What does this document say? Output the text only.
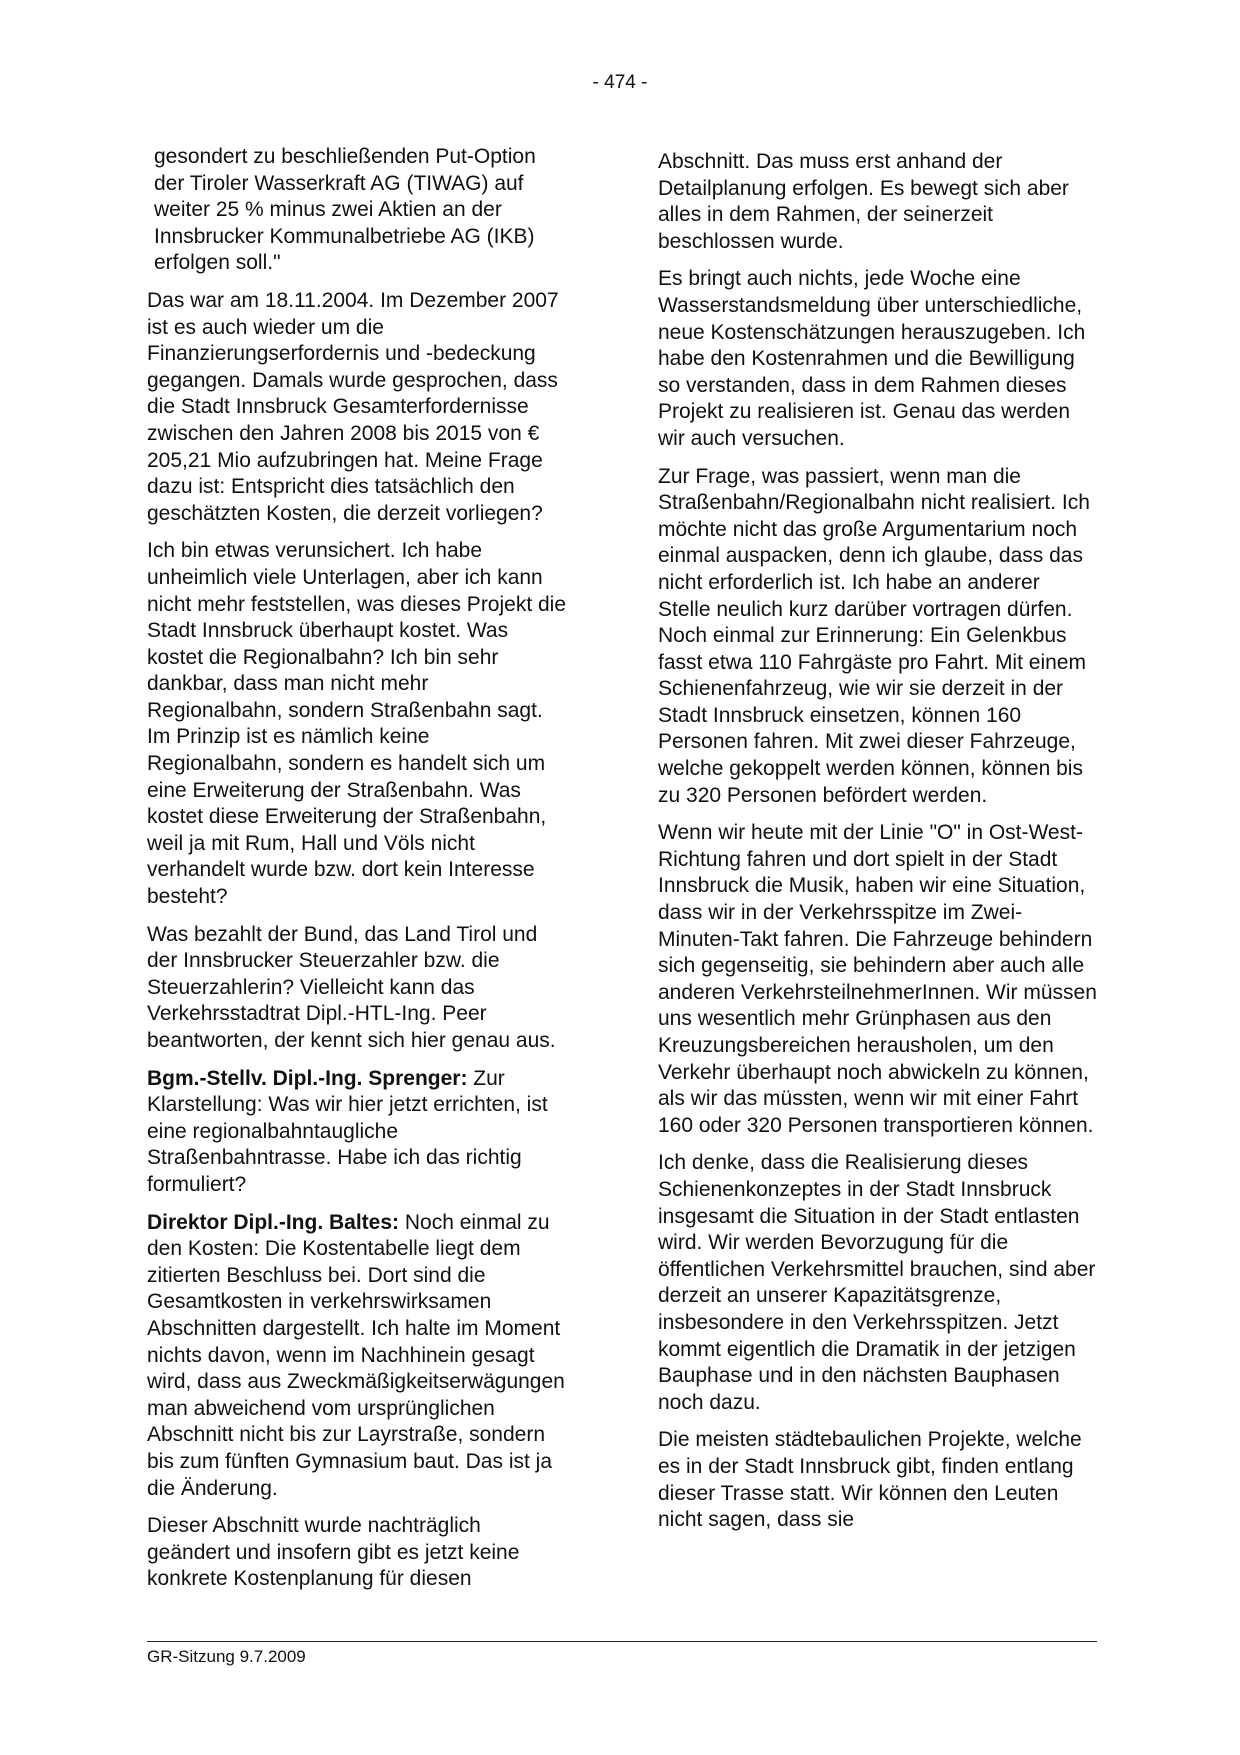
- 474 -

gesondert zu beschließenden Put-Option der Tiroler Wasserkraft AG (TIWAG) auf weiter 25 % minus zwei Aktien an der Innsbrucker Kommunalbetriebe AG (IKB) erfolgen soll."

Das war am 18.11.2004. Im Dezember 2007 ist es auch wieder um die Finanzierungserfordernis und -bedeckung gegangen. Damals wurde gesprochen, dass die Stadt Innsbruck Gesamterfordernisse zwischen den Jahren 2008 bis 2015 von € 205,21 Mio aufzubringen hat. Meine Frage dazu ist: Entspricht dies tatsächlich den geschätzten Kosten, die derzeit vorliegen?

Ich bin etwas verunsichert. Ich habe unheimlich viele Unterlagen, aber ich kann nicht mehr feststellen, was dieses Projekt die Stadt Innsbruck überhaupt kostet. Was kostet die Regionalbahn? Ich bin sehr dankbar, dass man nicht mehr Regionalbahn, sondern Straßenbahn sagt. Im Prinzip ist es nämlich keine Regionalbahn, sondern es handelt sich um eine Erweiterung der Straßenbahn. Was kostet diese Erweiterung der Straßenbahn, weil ja mit Rum, Hall und Völs nicht verhandelt wurde bzw. dort kein Interesse besteht?

Was bezahlt der Bund, das Land Tirol und der Innsbrucker Steuerzahler bzw. die Steuerzahlerin? Vielleicht kann das Verkehrsstadtrat Dipl.-HTL-Ing. Peer beantworten, der kennt sich hier genau aus.

Bgm.-Stellv. Dipl.-Ing. Sprenger: Zur Klarstellung: Was wir hier jetzt errichten, ist eine regionalbahntaugliche Straßenbahntrasse. Habe ich das richtig formuliert?

Direktor Dipl.-Ing. Baltes: Noch einmal zu den Kosten: Die Kostentabelle liegt dem zitierten Beschluss bei. Dort sind die Gesamtkosten in verkehrswirksamen Abschnitten dargestellt. Ich halte im Moment nichts davon, wenn im Nachhinein gesagt wird, dass aus Zweckmäßigkeitserwägungen man abweichend vom ursprünglichen Abschnitt nicht bis zur Layrstraße, sondern bis zum fünften Gymnasium baut. Das ist ja die Änderung.

Dieser Abschnitt wurde nachträglich geändert und insofern gibt es jetzt keine konkrete Kostenplanung für diesen

Abschnitt. Das muss erst anhand der Detailplanung erfolgen. Es bewegt sich aber alles in dem Rahmen, der seinerzeit beschlossen wurde.

Es bringt auch nichts, jede Woche eine Wasserstandsmeldung über unterschiedliche, neue Kostenschätzungen herauszugeben. Ich habe den Kostenrahmen und die Bewilligung so verstanden, dass in dem Rahmen dieses Projekt zu realisieren ist. Genau das werden wir auch versuchen.

Zur Frage, was passiert, wenn man die Straßenbahn/Regionalbahn nicht realisiert. Ich möchte nicht das große Argumentarium noch einmal auspacken, denn ich glaube, dass das nicht erforderlich ist. Ich habe an anderer Stelle neulich kurz darüber vortragen dürfen. Noch einmal zur Erinnerung: Ein Gelenkbus fasst etwa 110 Fahrgäste pro Fahrt. Mit einem Schienenfahrzeug, wie wir sie derzeit in der Stadt Innsbruck einsetzen, können 160 Personen fahren. Mit zwei dieser Fahrzeuge, welche gekoppelt werden können, können bis zu 320 Personen befördert werden.

Wenn wir heute mit der Linie "O" in Ost-West-Richtung fahren und dort spielt in der Stadt Innsbruck die Musik, haben wir eine Situation, dass wir in der Verkehrsspitze im Zwei-Minuten-Takt fahren. Die Fahrzeuge behindern sich gegenseitig, sie behindern aber auch alle anderen VerkehrsteilnehmerInnen. Wir müssen uns wesentlich mehr Grünphasen aus den Kreuzungsbereichen herausholen, um den Verkehr überhaupt noch abwickeln zu können, als wir das müssten, wenn wir mit einer Fahrt 160 oder 320 Personen transportieren können.

Ich denke, dass die Realisierung dieses Schienenkonzeptes in der Stadt Innsbruck insgesamt die Situation in der Stadt entlasten wird. Wir werden Bevorzugung für die öffentlichen Verkehrsmittel brauchen, sind aber derzeit an unserer Kapazitätsgrenze, insbesondere in den Verkehrsspitzen. Jetzt kommt eigentlich die Dramatik in der jetzigen Bauphase und in den nächsten Bauphasen noch dazu.

Die meisten städtebaulichen Projekte, welche es in der Stadt Innsbruck gibt, finden entlang dieser Trasse statt. Wir können den Leuten nicht sagen, dass sie

GR-Sitzung 9.7.2009
